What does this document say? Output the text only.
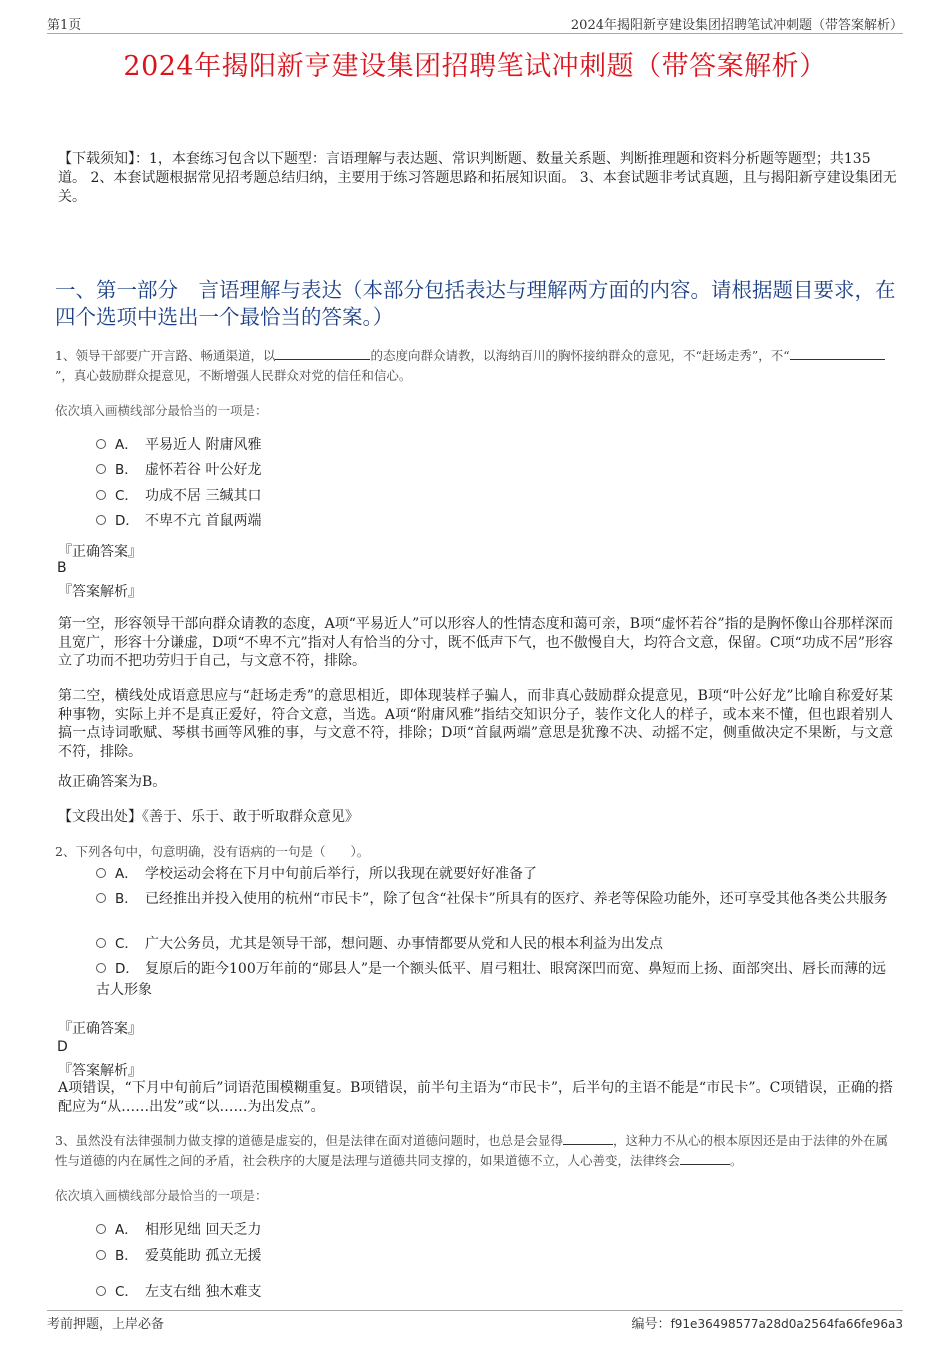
第1页	2024年揭阳新亨建设集团招聘笔试冲刺题（带答案解析）
2024年揭阳新亨建设集团招聘笔试冲刺题（带答案解析）
【下载须知】：1，本套练习包含以下题型：言语理解与表达题、常识判断题、数量关系题、判断推理题和资料分析题等题型；共135道。 2、本套试题根据常见招考题总结归纳，主要用于练习答题思路和拓展知识面。 3、本套试题非考试真题，且与揭阳新亨建设集团无关。
一、第一部分　言语理解与表达（本部分包括表达与理解两方面的内容。请根据题目要求，在四个选项中选出一个最恰当的答案。）
1、领导干部要广开言路、畅通渠道，以	的态度向群众请教，以海纳百川的胸怀接纳群众的意见，不“赶场走秀”，不“”，真心鼓励群众提意见，不断增强人民群众对党的信任和信心。
依次填入画横线部分最恰当的一项是：
A． 平易近人 附庸风雅
B． 虚怀若谷 叶公好龙
C． 功成不居 三缄其口
D． 不卑不亢 首鼠两端
『正确答案』
B
『答案解析』
第一空，形容领导干部向群众请教的态度，A项“平易近人”可以形容人的性情态度和蔼可亲，B项“虚怀若谷”指的是胸怀像山谷那样深而且宽广，形容十分谦虚，D项“不卑不亢”指对人有恰当的分寸，既不低声下气，也不傲慢自大，均符合文意，保留。C项“功成不居”形容立了功而不把功劳归于自己，与文意不符，排除。
第二空，横线处成语意思应与“赶场走秀”的意思相近，即体现装样子骗人，而非真心鼓励群众提意见，B项“叶公好龙”比喻自称爱好某种事物，实际上并不是真正爱好，符合文意，当选。A项“附庸风雅”指结交知识分子，装作文化人的样子，或本来不懂，但也跟着别人搞一点诗词歌赋、琴棋书画等风雅的事，与文意不符，排除；D项“首鼠两端”意思是犹豫不决、动摇不定，侧重做决定不果断，与文意不符，排除。
故正确答案为B。
【文段出处】《善于、乐于、敢于听取群众意见》
2、下列各句中，句意明确，没有语病的一句是（　　）。
A． 学校运动会将在下月中旬前后举行，所以我现在就要好好准备了
B． 已经推出并投入使用的杭州“市民卡”，除了包含“社保卡”所具有的医疗、养老等保险功能外，还可享受其他各类公共服务
C． 广大公务员，尤其是领导干部，想问题、办事情都要从党和人民的根本利益为出发点
D． 复原后的距今100万年前的“郧县人”是一个额头低平、眉弓粗壮、眼窝深凹而宽、鼻短而上扬、面部突出、唇长而薄的远古人形象
『正确答案』
D
『答案解析』
A项错误，“下月中旬前后”词语范围模糊重复。B项错误，前半句主语为“市民卡”，后半句的主语不能是“市民卡”。C项错误，正确的搭配应为“从……出发”或“以……为出发点”。
3、虽然没有法律强制力做支撑的道德是虚妄的，但是法律在面对道德问题时，也总是会显得	，这种力不从心的根本原因还是由于法律的外在属性与道德的内在属性之间的矛盾，社会秩序的大厦是法理与道德共同支撑的，如果道德不立，人心善变，法律终会	。
依次填入画横线部分最恰当的一项是：
A． 相形见绌 回天乏力
B． 爱莫能助 孤立无援
C． 左支右绌 独木难支
考前押题，上岸必备	编号：f91e36498577a28d0a2564fa66fe96a3
